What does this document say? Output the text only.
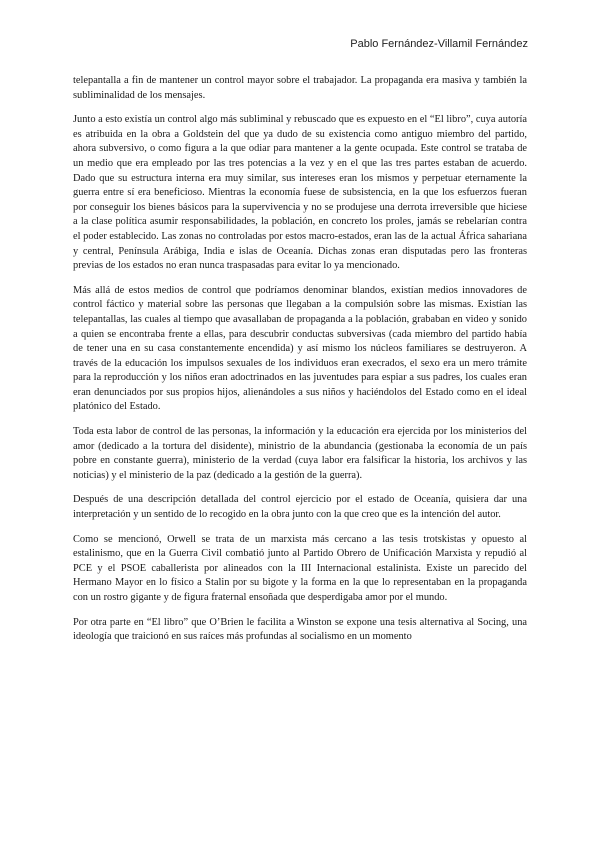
Pablo Fernández-Villamil Fernández

telepantalla a fin de mantener un control mayor sobre el trabajador. La propaganda era masiva y también la subliminalidad de los mensajes.

Junto a esto existía un control algo más subliminal y rebuscado que es expuesto en el “El libro”, cuya autoría es atribuida en la obra a Goldstein del que ya dudo de su existencia como antiguo miembro del partido, ahora subversivo, o como figura a la que odiar para mantener a la gente ocupada. Este control se trataba de un medio que era empleado por las tres potencias a la vez y en el que las tres partes estaban de acuerdo. Dado que su estructura interna era muy similar, sus intereses eran los mismos y perpetuar eternamente la guerra entre sí era beneficioso. Mientras la economía fuese de subsistencia, en la que los esfuerzos fueran por conseguir los bienes básicos para la supervivencia y no se produjese una derrota irreversible que hiciese a la clase política asumir responsabilidades, la población, en concreto los proles, jamás se rebelarían contra el poder establecido. Las zonas no controladas por estos macro-estados, eran las de la actual África sahariana y central, Península Arábiga, India e islas de Oceanía. Dichas zonas eran disputadas pero las fronteras previas de los estados no eran nunca traspasadas para evitar lo ya mencionado.

Más allá de estos medios de control que podríamos denominar blandos, existían medios innovadores de control fáctico y material sobre las personas que llegaban a la compulsión sobre las mismas. Existían las telepantallas, las cuales al tiempo que avasallaban de propaganda a la población, grababan en video y sonido a quien se encontraba frente a ellas, para descubrir conductas subversivas (cada miembro del partido había de tener una en su casa constantemente encendida) y así mismo los núcleos familiares se destruyeron. A través de la educación los impulsos sexuales de los individuos eran execrados, el sexo era un mero trámite para la reproducción y los niños eran adoctrinados en las juventudes para espiar a sus padres, los cuales eran eran denunciados por sus propios hijos, alienándoles a sus niños y haciéndolos del Estado como en el ideal platónico del Estado.

Toda esta labor de control de las personas, la información y la educación era ejercida por los ministerios del amor (dedicado a la tortura del disidente), ministrio de la abundancia (gestionaba la economía de un país pobre en constante guerra), ministerio de la verdad (cuya labor era falsificar la historia, los archivos y las noticias) y el ministerio de la paz (dedicado a la gestión de la guerra).

Después de una descripción detallada del control ejercicio por el estado de Oceanía, quisiera dar una interpretación y un sentido de lo recogido en la obra junto con la que creo que es la intención del autor.

Como se mencionó, Orwell se trata de un marxista más cercano a las tesis trotskistas y opuesto al estalinismo, que en la Guerra Civil combatió junto al Partido Obrero de Unificación Marxista y repudió al PCE y el PSOE caballerista por alineados con la III Internacional estalinista. Existe un parecido del Hermano Mayor en lo físico a Stalin por su bigote y la forma en la que lo representaban en la propaganda con un rostro gigante y de figura fraternal ensoñada que desperdigaba amor por el mundo.

Por otra parte en “El libro” que O’Brien le facilita a Winston se expone una tesis alternativa al Socing, una ideología que traicionó en sus raíces más profundas al socialismo en un momento
